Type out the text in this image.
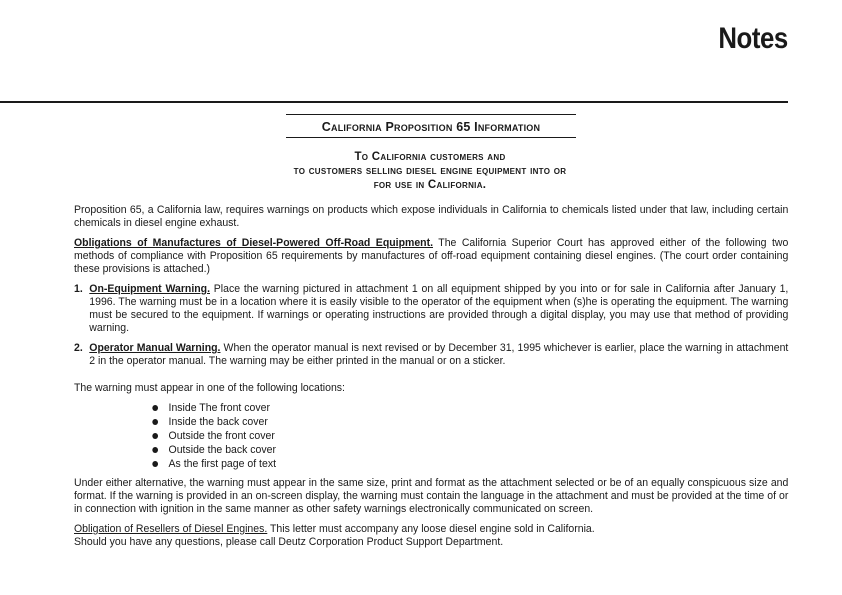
Notes
California Proposition 65 Information
To California customers and
to customers selling diesel engine equipment into or
for use in California.

Proposition 65, a California law, requires warnings on products which expose individuals in California to chemicals listed under that law, including certain chemicals in diesel engine exhaust.

Obligations of Manufactures of Diesel-Powered Off-Road Equipment. The California Superior Court has approved either of the following two methods of compliance with Proposition 65 requirements by manufactures of off-road equipment containing diesel engines. (The court order containing these provisions is attached.)

1. On-Equipment Warning. Place the warning pictured in attachment 1 on all equipment shipped by you into or for sale in California after January 1, 1996. The warning must be in a location where it is easily visible to the operator of the equipment when (s)he is operating the equipment. The warning must be secured to the equipment. If warnings or operating instructions are provided through a digital display, you may use that method of providing warning.
2. Operator Manual Warning. When the operator manual is next revised or by December 31, 1995 whichever is earlier, place the warning in attachment 2 in the operator manual. The warning may be either printed in the manual or on a sticker.

The warning must appear in one of the following locations:

Inside The front cover
Inside the back cover
Outside the front cover
Outside the back cover
As the first page of text

Under either alternative, the warning must appear in the same size, print and format as the attachment selected or be of an equally conspicuous size and format. If the warning is provided in an on-screen display, the warning must contain the language in the attachment and must be provided at the time of or in connection with ignition in the same manner as other safety warnings electronically communicated on screen.

Obligation of Resellers of Diesel Engines. This letter must accompany any loose diesel engine sold in California.

Should you have any questions, please call Deutz Corporation Product Support Department.
